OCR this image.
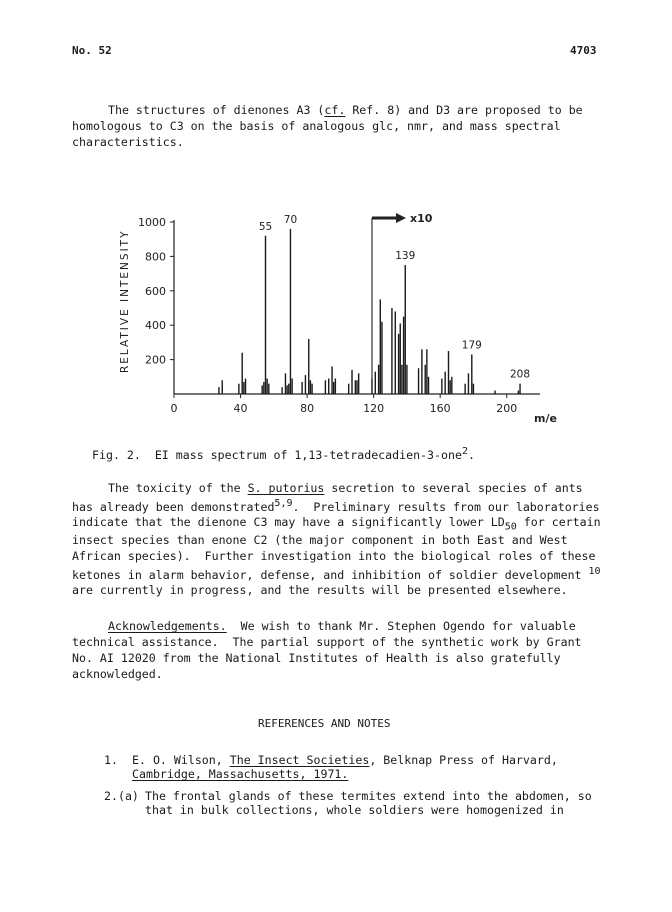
No. 52	4703
The structures of dienones A3 (cf. Ref. 8) and D3 are proposed to be
homologous to C3 on the basis of analogous glc, nmr, and mass spectral
characteristics.
200
400
600
800
1000
0	40	80	120	160	200
55
70
139
179
208
RELATIVE INTENSITY
m/e
x10
Fig. 2.  EI mass spectrum of 1,13-tetradecadien-3-one$^2$.
The toxicity of the S. putorius secretion to several species of ants
has already been demonstrated$^{5,9}$.  Preliminary results from our laboratories
indicate that the dienone C3 may have a significantly lower $LD_{50}$ for certain
insect species than enone C2 (the major component in both East and West
African species).  Further investigation into the biological roles of these
ketones in alarm behavior, defense, and inhibition of soldier development $^{10}$
are currently in progress, and the results will be presented elsewhere.
Acknowledgements.  We wish to thank Mr. Stephen Ogendo for valuable
technical assistance.  The partial support of the synthetic work by Grant
No. AI 12020 from the National Institutes of Health is also gratefully
acknowledged.
REFERENCES AND NOTES
1. E. O. Wilson, The Insect Societies, Belknap Press of Harvard,
Cambridge, Massachusetts, 1971.
2.(a) The frontal glands of these termites extend into the abdomen, so
that in bulk collections, whole soldiers were homogenized in
